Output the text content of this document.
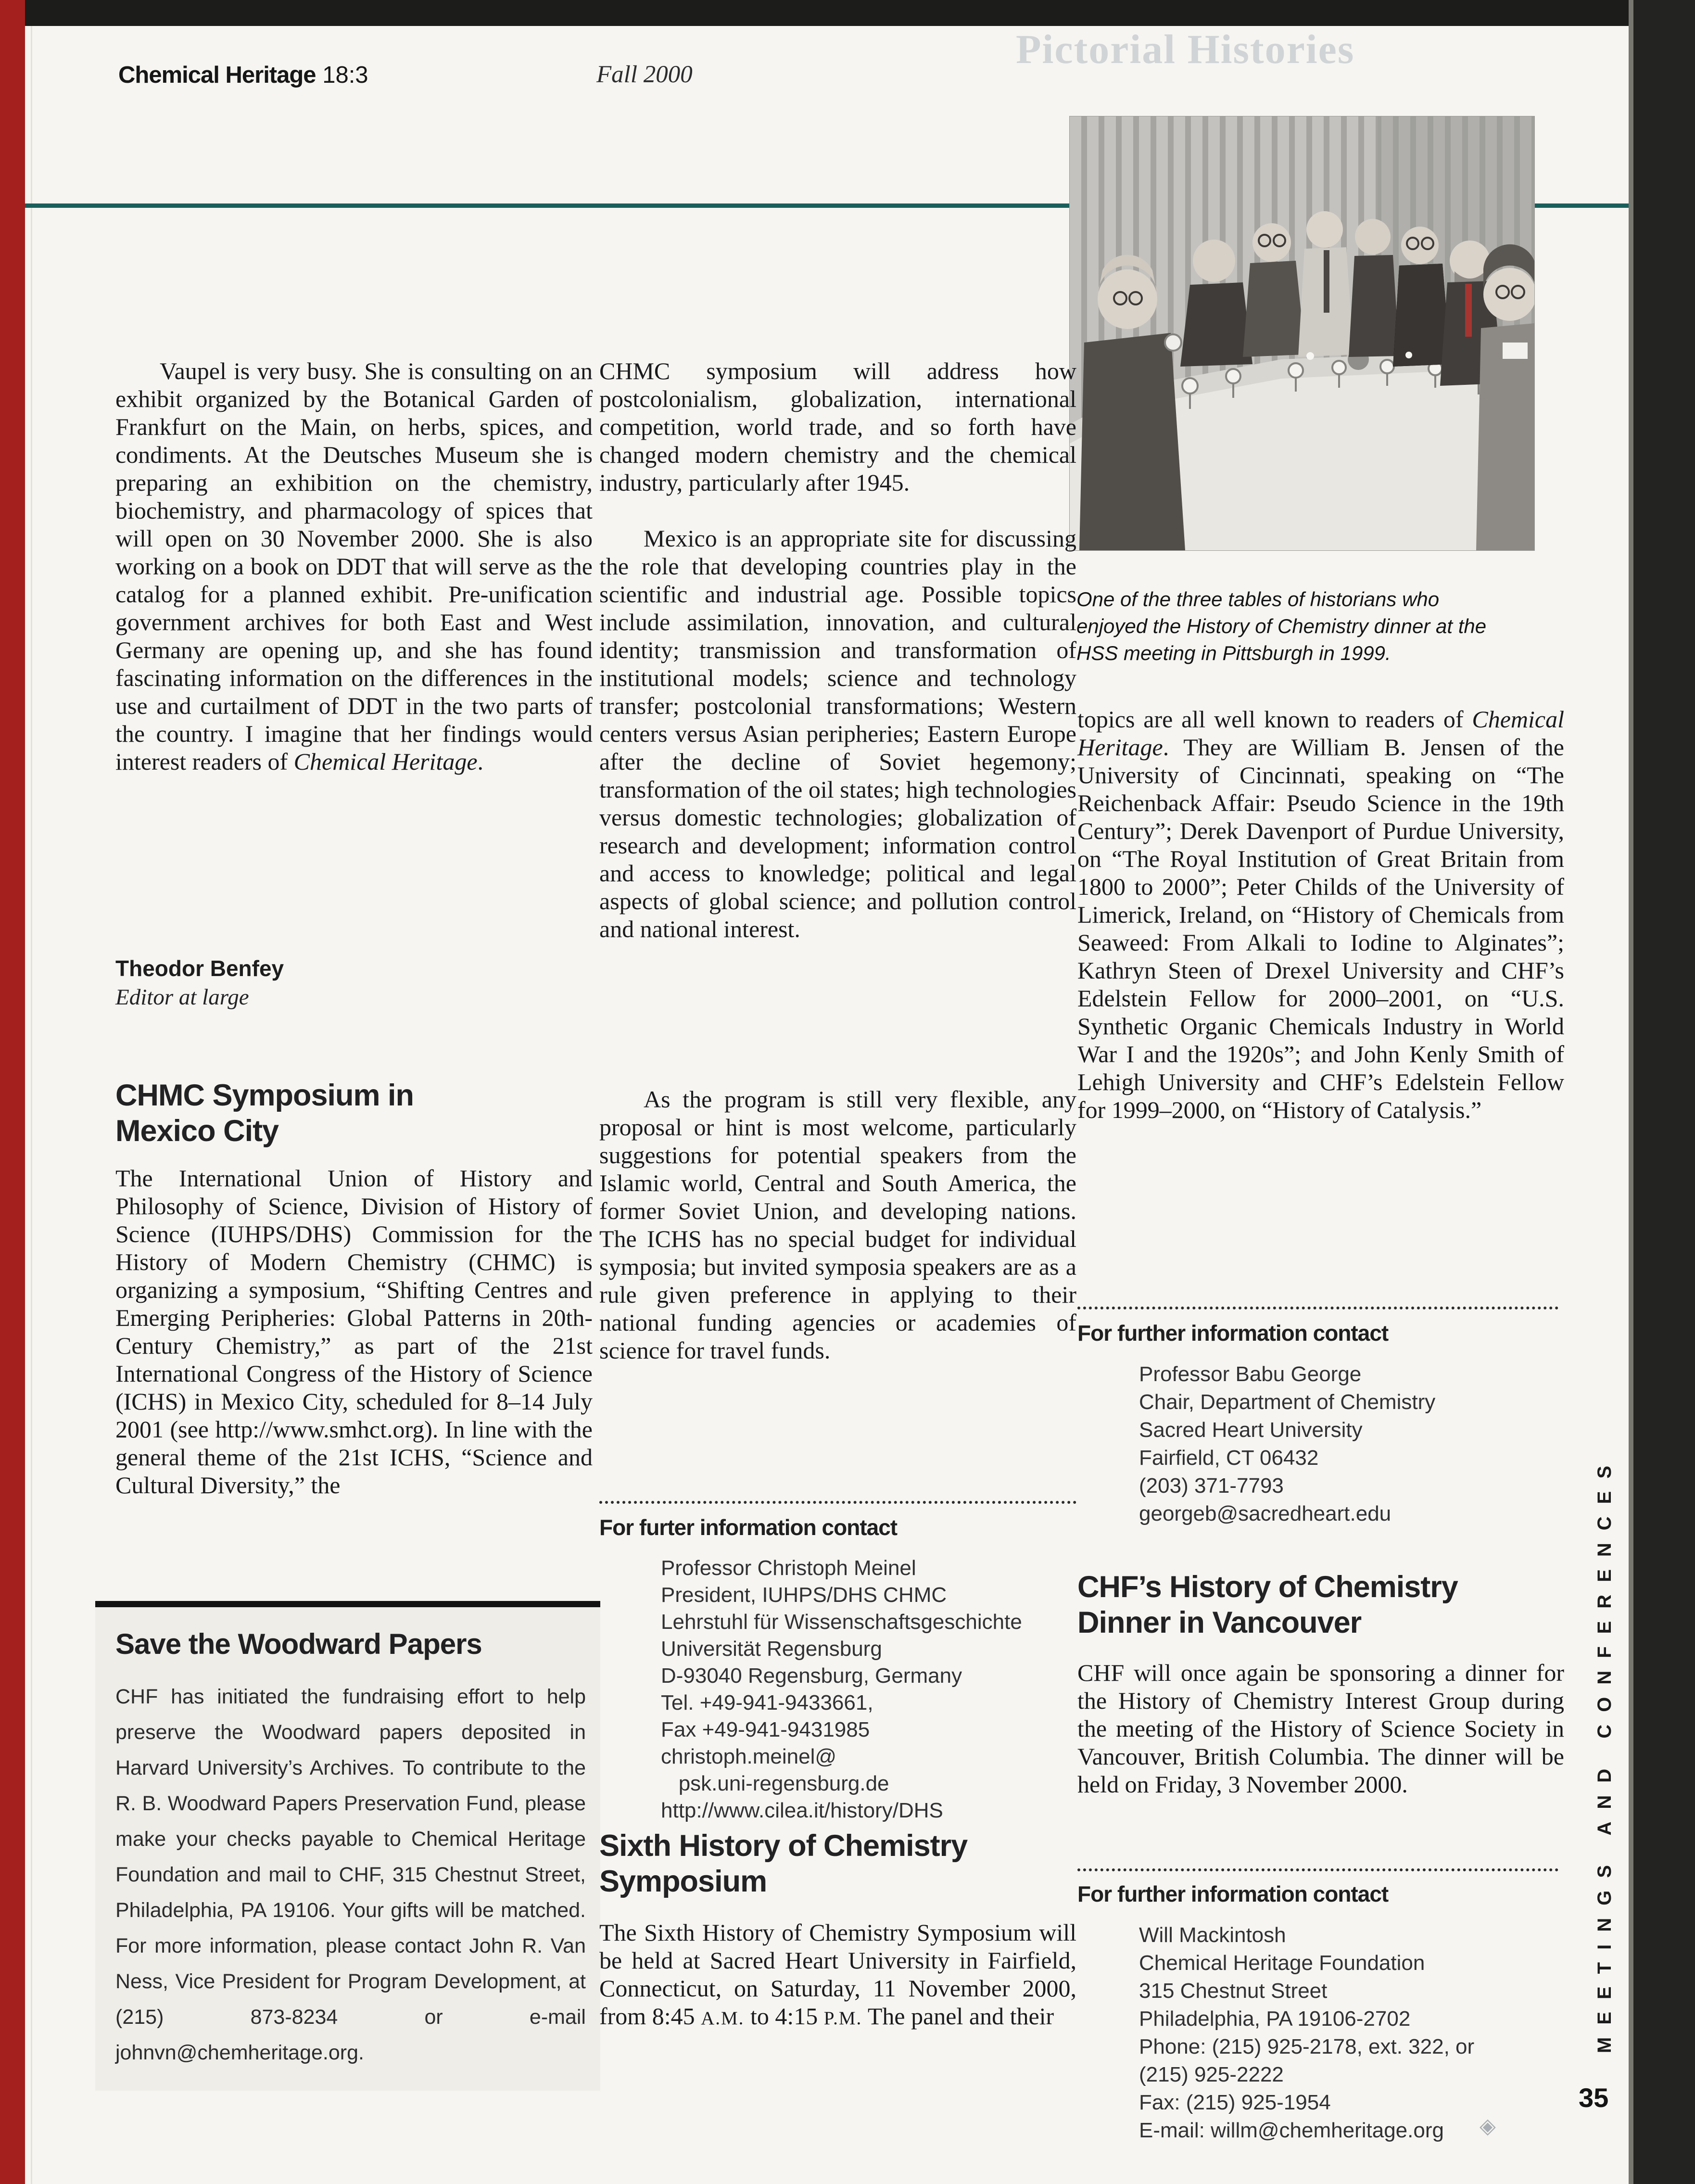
Chemical Heritage 18:3	Fall 2000
Pictorial Histories
One of the three tables of historians who enjoyed the History of Chemistry dinner at the HSS meeting in Pittsburgh in 1999.
Vaupel is very busy. She is consulting on an exhibit organized by the Botanical Garden of Frankfurt on the Main, on herbs, spices, and condiments. At the Deutsches Museum she is preparing an exhibition on the chemistry, biochemistry, and pharmacology of spices that will open on 30 November 2000. She is also working on a book on DDT that will serve as the catalog for a planned exhibit. Pre-unification government archives for both East and West Germany are opening up, and she has found fascinating information on the differences in the use and curtailment of DDT in the two parts of the country. I imagine that her findings would interest readers of Chemical Heritage.
Theodor Benfey
Editor at large
CHMC Symposium in Mexico City
The International Union of History and Philosophy of Science, Division of History of Science (IUHPS/DHS) Commission for the History of Modern Chemistry (CHMC) is organizing a symposium, “Shifting Centres and Emerging Peripheries: Global Patterns in 20th-Century Chemistry,” as part of the 21st International Congress of the History of Science (ICHS) in Mexico City, scheduled for 8–14 July 2001 (see http://www.smhct.org). In line with the general theme of the 21st ICHS, “Science and Cultural Diversity,” the
Save the Woodward Papers
CHF has initiated the fundraising effort to help preserve the Woodward papers deposited in Harvard University’s Archives. To contribute to the R. B. Woodward Papers Preservation Fund, please make your checks payable to Chemical Heritage Foundation and mail to CHF, 315 Chestnut Street, Philadelphia, PA 19106. Your gifts will be matched. For more information, please contact John R. Van Ness, Vice President for Program Development, at (215) 873-8234 or e-mail johnvn@chemheritage.org.
CHMC symposium will address how postcolonialism, globalization, international competition, world trade, and so forth have changed modern chemistry and the chemical industry, particularly after 1945.
Mexico is an appropriate site for discussing the role that developing countries play in the scientific and industrial age. Possible topics include assimilation, innovation, and cultural identity; transmission and transformation of institutional models; science and technology transfer; postcolonial transformations; Western centers versus Asian peripheries; Eastern Europe after the decline of Soviet hegemony; transformation of the oil states; high technologies versus domestic technologies; globalization of research and development; information control and access to knowledge; political and legal aspects of global science; and pollution control and national interest.
As the program is still very flexible, any proposal or hint is most welcome, particularly suggestions for potential speakers from the Islamic world, Central and South America, the former Soviet Union, and developing nations. The ICHS has no special budget for individual symposia; but invited symposia speakers are as a rule given preference in applying to their national funding agencies or academies of science for travel funds.
For furter information contact
Professor Christoph Meinel
President, IUHPS/DHS CHMC
Lehrstuhl für Wissenschaftsgeschichte
Universität Regensburg
D-93040 Regensburg, Germany
Tel. +49-941-9433661,
Fax +49-941-9431985
christoph.meinel@
psk.uni-regensburg.de
http://www.cilea.it/history/DHS
Sixth History of Chemistry Symposium
The Sixth History of Chemistry Symposium will be held at Sacred Heart University in Fairfield, Connecticut, on Saturday, 11 November 2000, from 8:45 A.M. to 4:15 P.M. The panel and their
topics are all well known to readers of Chemical Heritage. They are William B. Jensen of the University of Cincinnati, speaking on “The Reichenback Affair: Pseudo Science in the 19th Century”; Derek Davenport of Purdue University, on “The Royal Institution of Great Britain from 1800 to 2000”; Peter Childs of the University of Limerick, Ireland, on “History of Chemicals from Seaweed: From Alkali to Iodine to Alginates”; Kathryn Steen of Drexel University and CHF’s Edelstein Fellow for 2000–2001, on “U.S. Synthetic Organic Chemicals Industry in World War I and the 1920s”; and John Kenly Smith of Lehigh University and CHF’s Edelstein Fellow for 1999–2000, on “History of Catalysis.”
For further information contact
Professor Babu George
Chair, Department of Chemistry
Sacred Heart University
Fairfield, CT 06432
(203) 371-7793
georgeb@sacredheart.edu
CHF’s History of Chemistry Dinner in Vancouver
CHF will once again be sponsoring a dinner for the History of Chemistry Interest Group during the meeting of the History of Science Society in Vancouver, British Columbia. The dinner will be held on Friday, 3 November 2000.
For further information contact
Will Mackintosh
Chemical Heritage Foundation
315 Chestnut Street
Philadelphia, PA 19106-2702
Phone: (215) 925-2178, ext. 322, or
(215) 925-2222
Fax: (215) 925-1954
E-mail: willm@chemheritage.org	◈
MEETINGS AND CONFERENCES
35
